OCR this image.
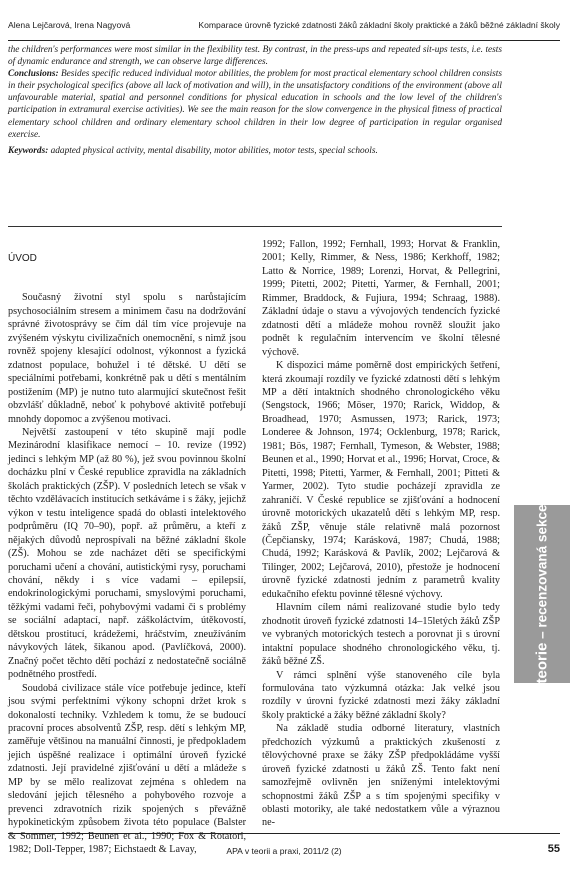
Alena Lejčarová, Irena Nagyová	Komparace úrovně fyzické zdatnosti žáků základní školy praktické a žáků běžné základní školy

the children's performances were most similar in the flexibility test. By contrast, in the press-ups and repeated sit-ups tests, i.e. tests of dynamic endurance and strength, we can observe large differences.

Conclusions: Besides specific reduced individual motor abilities, the problem for most practical elementary school children consists in their psychological specifics (above all lack of motivation and will), in the unsatisfactory conditions of the environment (above all unfavourable material, spatial and personnel conditions for physical education in schools and the low level of the children's participation in extramural exercise activities). We see the main reason for the slow convergence in the physical fitness of practical elementary school children and ordinary elementary school children in their low degree of participation in regular organised exercise.

Keywords: adapted physical activity, mental disability, motor abilities, motor tests, special schools.

ÚVOD

Současný životní styl spolu s narůstajícím psychosociálním stresem a minimem času na dodržování správné životosprávy se čím dál tím více projevuje na zvýšeném výskytu civilizačních onemocnění, s nimž jsou rovněž spojeny klesající odolnost, výkonnost a fyzická zdatnost populace, bohužel i té dětské. U dětí se speciálními potřebami, konkrétně pak u dětí s mentálním postižením (MP) je nutno tuto alarmující skutečnost řešit obzvlášť důkladně, neboť k pohybové aktivitě potřebují mnohdy dopomoc a zvýšenou motivaci.

Největší zastoupení v této skupině mají podle Mezinárodní klasifikace nemocí – 10. revize (1992) jedinci s lehkým MP (až 80 %), jež svou povinnou školní docházku plní v České republice zpravidla na základních školách praktických (ZŠP). V posledních letech se však v těchto vzdělávacích institucích setkáváme i s žáky, jejichž výkon v testu inteligence spadá do oblasti intelektového podprůměru (IQ 70–90), popř. až průměru, a kteří z nějakých důvodů neprospívali na běžné základní škole (ZŠ). Mohou se zde nacházet děti se specifickými poruchami učení a chování, autistickými rysy, poruchami chování, někdy i s více vadami – epilepsií, endokrinologickými poruchami, smyslovými poruchami, těžkými vadami řeči, pohybovými vadami či s problémy se sociální adaptací, např. záškoláctvím, útěkovostí, dětskou prostitucí, krádežemi, hráčstvím, zneužíváním návykových látek, šikanou apod. (Pavlíčková, 2000). Značný počet těchto dětí pochází z nedostatečně sociálně podnětného prostředí.

Soudobá civilizace stále více potřebuje jedince, kteří jsou svými perfektními výkony schopni držet krok s dokonalostí techniky. Vzhledem k tomu, že se budoucí pracovní proces absolventů ZŠP, resp. dětí s lehkým MP, zaměřuje většinou na manuální činnosti, je předpokladem jejich úspěšné realizace i optimální úroveň fyzické zdatnosti. Její pravidelné zjišťování u dětí a mládeže s MP by se mělo realizovat zejména s ohledem na sledování jejich tělesného a pohybového rozvoje a prevenci zdravotních rizik spojených s převážně hypokinetickým způsobem života této populace (Balster & Sommer, 1992; Beunen et al., 1990; Fox & Rotatori, 1982; Doll-Tepper, 1987; Eichstaedt & Lavay,

1992; Fallon, 1992; Fernhall, 1993; Horvat & Franklin, 2001; Kelly, Rimmer, & Ness, 1986; Kerkhoff, 1982; Latto & Norrice, 1989; Lorenzi, Horvat, & Pellegrini, 1999; Pitetti, 2002; Pitetti, Yarmer, & Fernhall, 2001; Rimmer, Braddock, & Fujiura, 1994; Schraag, 1988). Základní údaje o stavu a vývojových tendencích fyzické zdatnosti dětí a mládeže mohou rovněž sloužit jako podnět k regulačním intervencím ve školní tělesné výchově.

K dispozici máme poměrně dost empirických šetření, která zkoumají rozdíly ve fyzické zdatnosti dětí s lehkým MP a dětí intaktních shodného chronologického věku (Sengstock, 1966; Möser, 1970; Rarick, Widdop, & Broadhead, 1970; Asmussen, 1973; Rarick, 1973; Londeree & Johnson, 1974; Ocklenburg, 1978; Rarick, 1981; Bös, 1987; Fernhall, Tymeson, & Webster, 1988; Beunen et al., 1990; Horvat et al., 1996; Horvat, Croce, & Pitetti, 1998; Pitetti, Yarmer, & Fernhall, 2001; Pitteti & Yarmer, 2002). Tyto studie pocházejí zpravidla ze zahraničí. V České republice se zjišťování a hodnocení úrovně motorických ukazatelů dětí s lehkým MP, resp. žáků ZŠP, věnuje stále relativně malá pozornost (Čepčiansky, 1974; Karásková, 1987; Chudá, 1988; Chudá, 1992; Karásková & Pavlík, 2002; Lejčarová & Tilinger, 2002; Lejčarová, 2010), přestože je hodnocení úrovně fyzické zdatnosti jedním z parametrů kvality edukačního efektu povinné tělesné výchovy.

Hlavním cílem námi realizované studie bylo tedy zhodnotit úroveň fyzické zdatnosti 14–15letých žáků ZŠP ve vybraných motorických testech a porovnat ji s úrovní intaktní populace shodného chronologického věku, tj. žáků běžné ZŠ.

V rámci splnění výše stanoveného cíle byla formulována tato výzkumná otázka: Jak velké jsou rozdíly v úrovni fyzické zdatnosti mezi žáky základní školy praktické a žáky běžné základní školy?

Na základě studia odborné literatury, vlastních předchozích výzkumů a praktických zkušeností z tělovýchovné praxe se žáky ZŠP předpokládáme vyšší úroveň fyzické zdatnosti u žáků ZŠ. Tento fakt není samozřejmě ovlivněn jen sníženými intelektovými schopnostmi žáků ZŠP a s tím spojenými specifiky v oblasti motoriky, ale také nedostatkem vůle a výraznou ne-

teorie – recenzovaná sekce
APA v teorii a praxi, 2011/2 (2)	55
